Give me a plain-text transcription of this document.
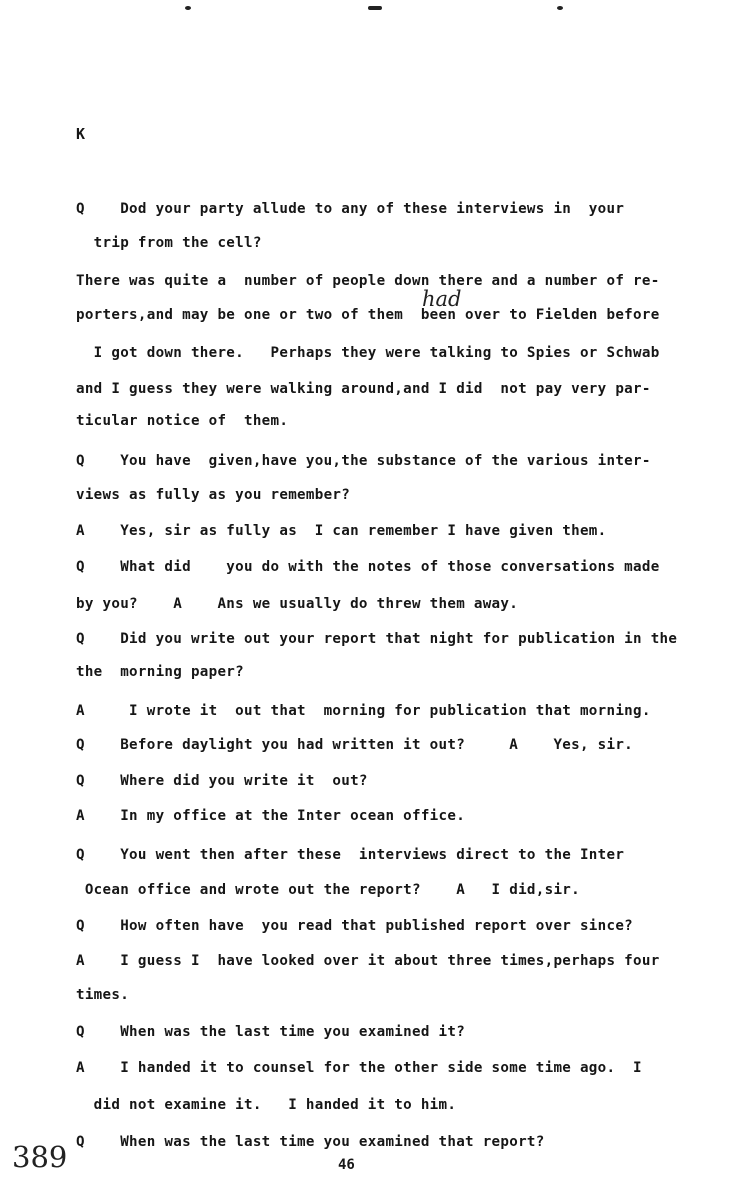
K
Q    Dod your party allude to any of these interviews in  your
trip from the cell?
There was quite a  number of people down there and a number of re-
porters,and may be one or two of them  been over to Fielden before
I got down there.   Perhaps they were talking to Spies or Schwab
and I guess they were walking around,and I did  not pay very par-
ticular notice of  them.
Q    You have  given,have you,the substance of the various inter-
views as fully as you remember?
A    Yes, sir as fully as  I can remember I have given them.
Q    What did    you do with the notes of those conversations made
by you?    A    Ans we usually do threw them away.
Q    Did you write out your report that night for publication in the
the  morning paper?
A     I wrote it  out that  morning for publication that morning.
Q    Before daylight you had written it out?     A    Yes, sir.
Q    Where did you write it  out?
A    In my office at the Inter ocean office.
Q    You went then after these  interviews direct to the Inter
Ocean office and wrote out the report?    A   I did,sir.
Q    How often have  you read that published report over since?
A    I guess I  have looked over it about three times,perhaps four
times.
Q    When was the last time you examined it?
A    I handed it to counsel for the other side some time ago.  I
did not examine it.   I handed it to him.
Q    When was the last time you examined that report?
had
389	46
